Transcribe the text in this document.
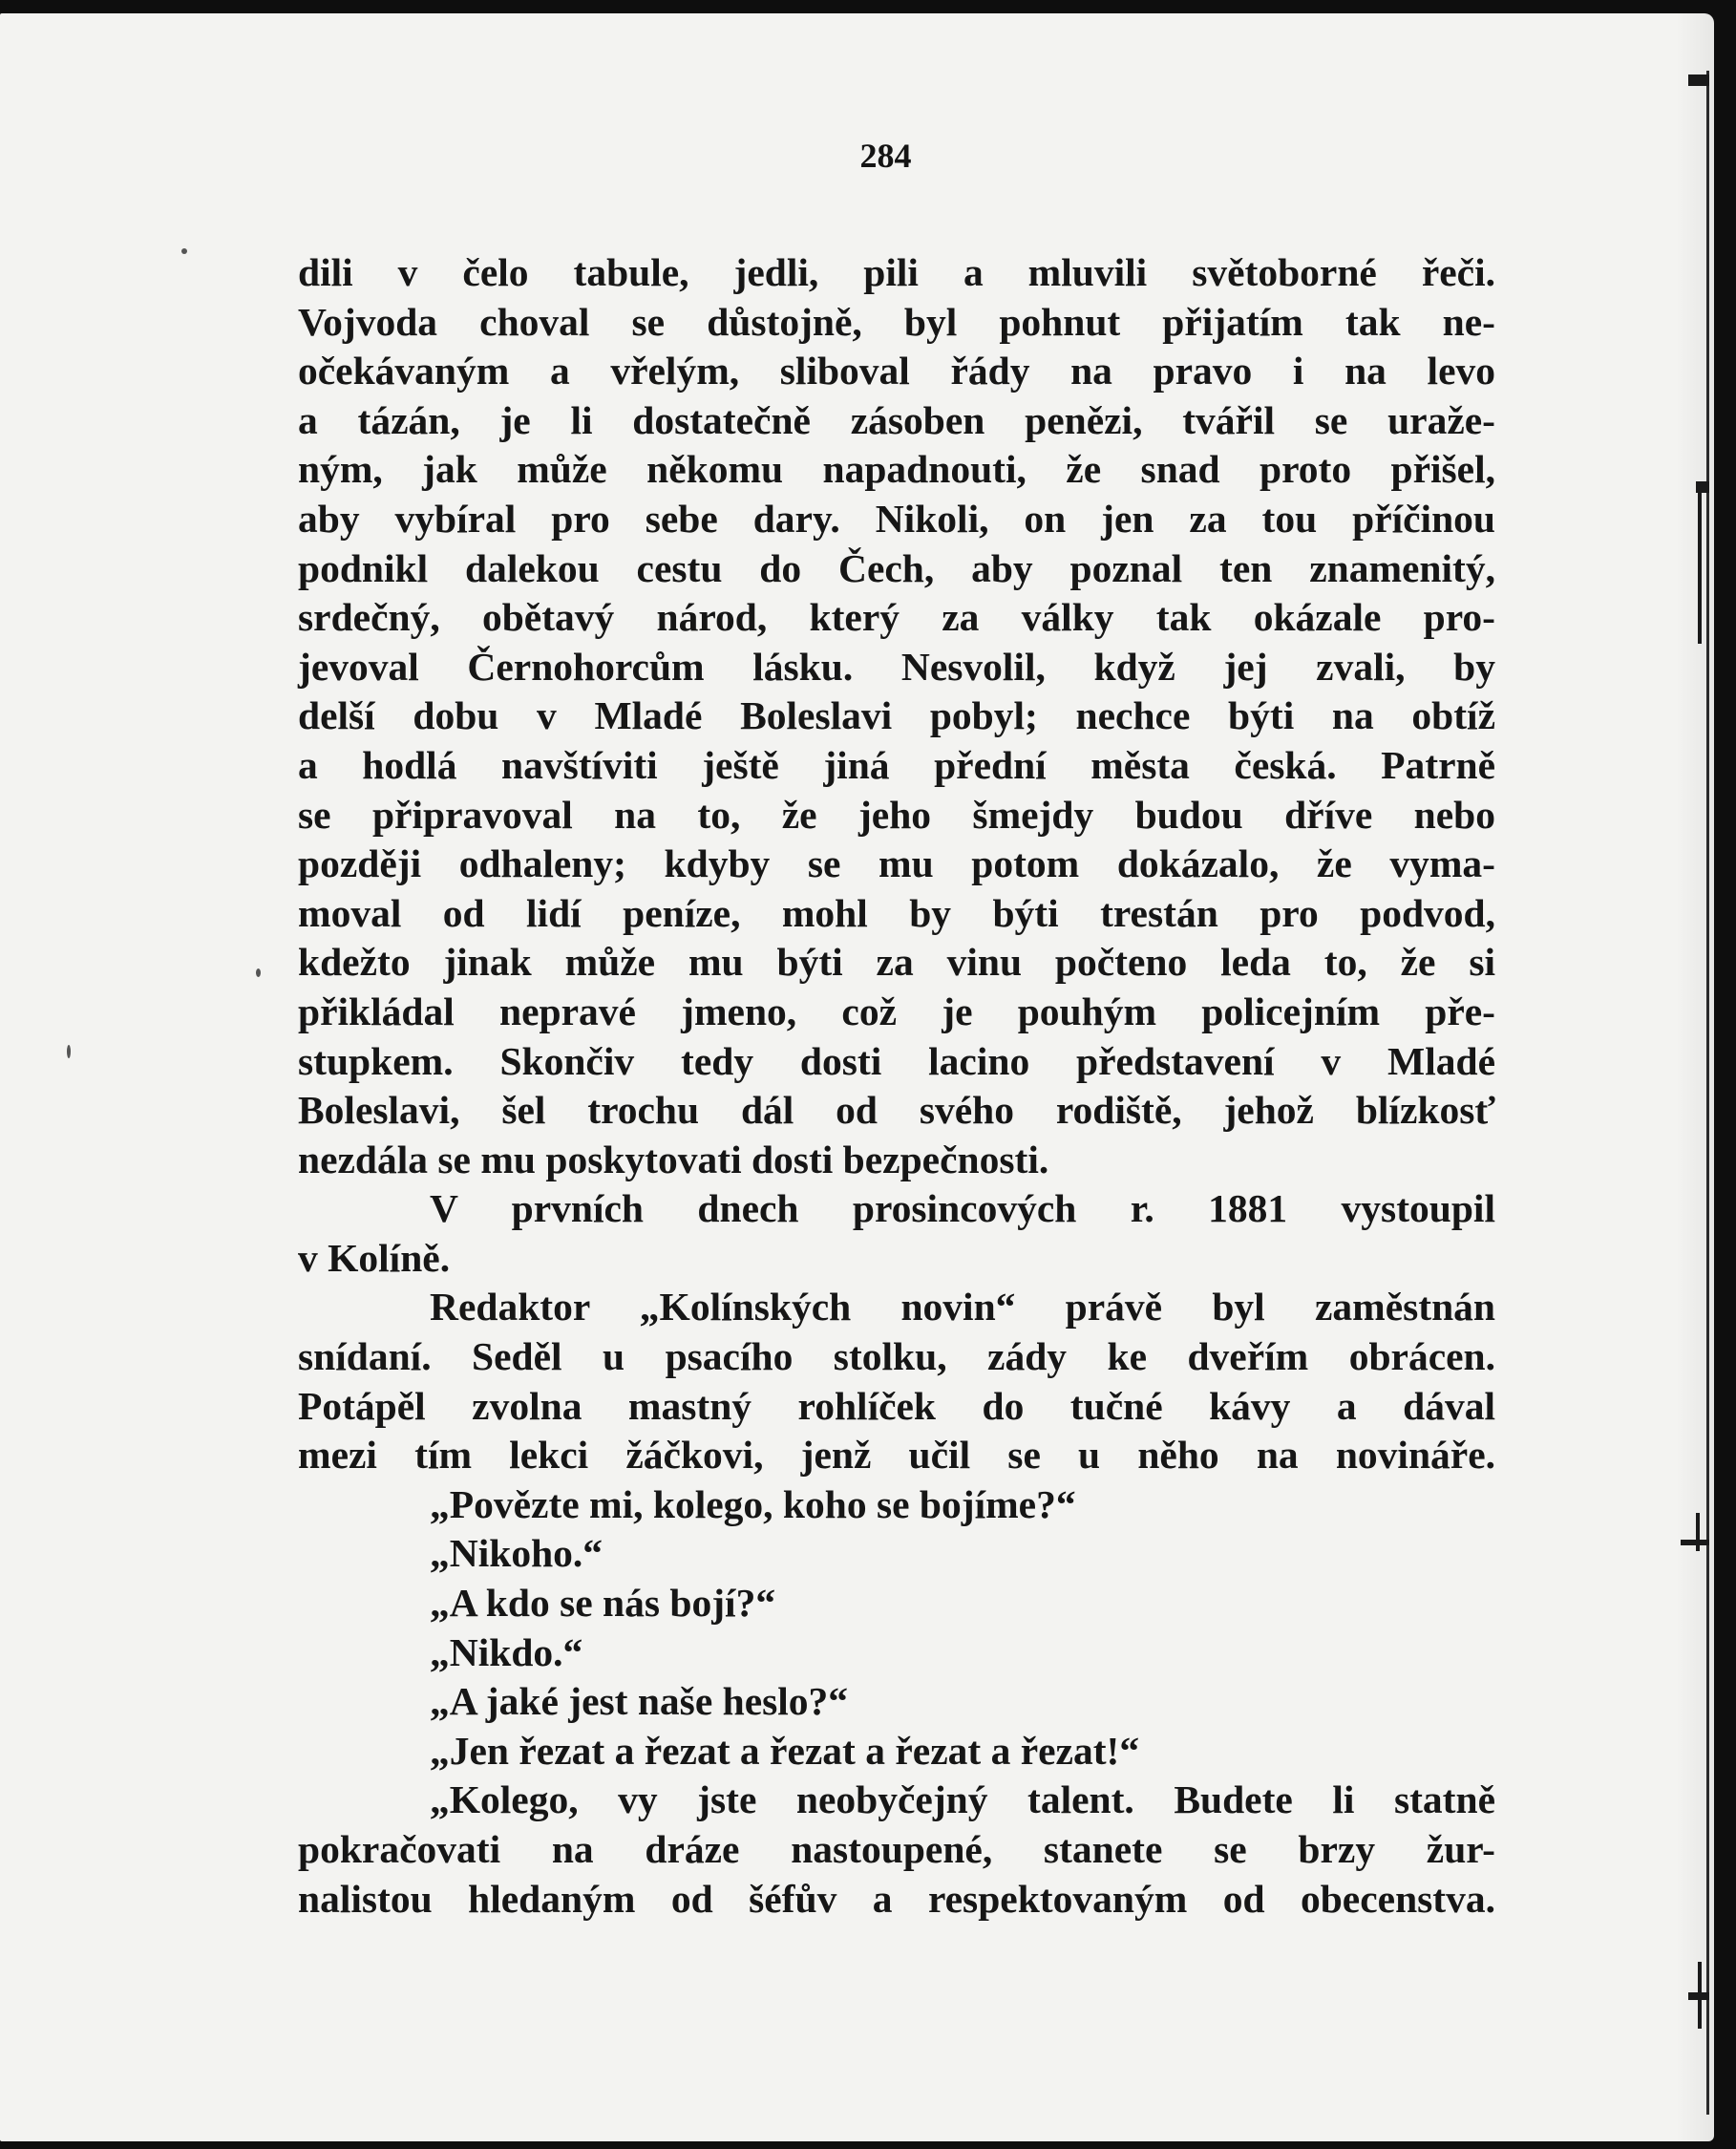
284
dili v čelo tabule, jedli, pili a mluvili světoborné řeči.
Vojvoda choval se důstojně, byl pohnut přijatím tak ne-
očekávaným a vřelým, sliboval řády na pravo i na levo
a tázán, je li dostatečně zásoben penězi, tvářil se uraže-
ným, jak může někomu napadnouti, že snad proto přišel,
aby vybíral pro sebe dary. Nikoli, on jen za tou příčinou
podnikl dalekou cestu do Čech, aby poznal ten znamenitý,
srdečný, obětavý národ, který za války tak okázale pro-
jevoval Černohorcům lásku. Nesvolil, když jej zvali, by
delší dobu v Mladé Boleslavi pobyl; nechce býti na obtíž
a hodlá navštíviti ještě jiná přední města česká. Patrně
se připravoval na to, že jeho šmejdy budou dříve nebo
později odhaleny; kdyby se mu potom dokázalo, že vyma-
moval od lidí peníze, mohl by býti trestán pro podvod,
kdežto jinak může mu býti za vinu počteno leda to, že si
přikládal nepravé jmeno, což je pouhým policejním pře-
stupkem. Skončiv tedy dosti lacino představení v Mladé
Boleslavi, šel trochu dál od svého rodiště, jehož blízkosť
nezdála se mu poskytovati dosti bezpečnosti.
V prvních dnech prosincových r. 1881 vystoupil
v Kolíně.
Redaktor „Kolínských novin“ právě byl zaměstnán
snídaní. Seděl u psacího stolku, zády ke dveřím obrácen.
Potápěl zvolna mastný rohlíček do tučné kávy a dával
mezi tím lekci žáčkovi, jenž učil se u něho na novináře.
„Povězte mi, kolego, koho se bojíme?“
„Nikoho.“
„A kdo se nás bojí?“
„Nikdo.“
„A jaké jest naše heslo?“
„Jen řezat a řezat a řezat a řezat a řezat!“
„Kolego, vy jste neobyčejný talent. Budete li statně
pokračovati na dráze nastoupené, stanete se brzy žur-
nalistou hledaným od šéfův a respektovaným od obecenstva.
